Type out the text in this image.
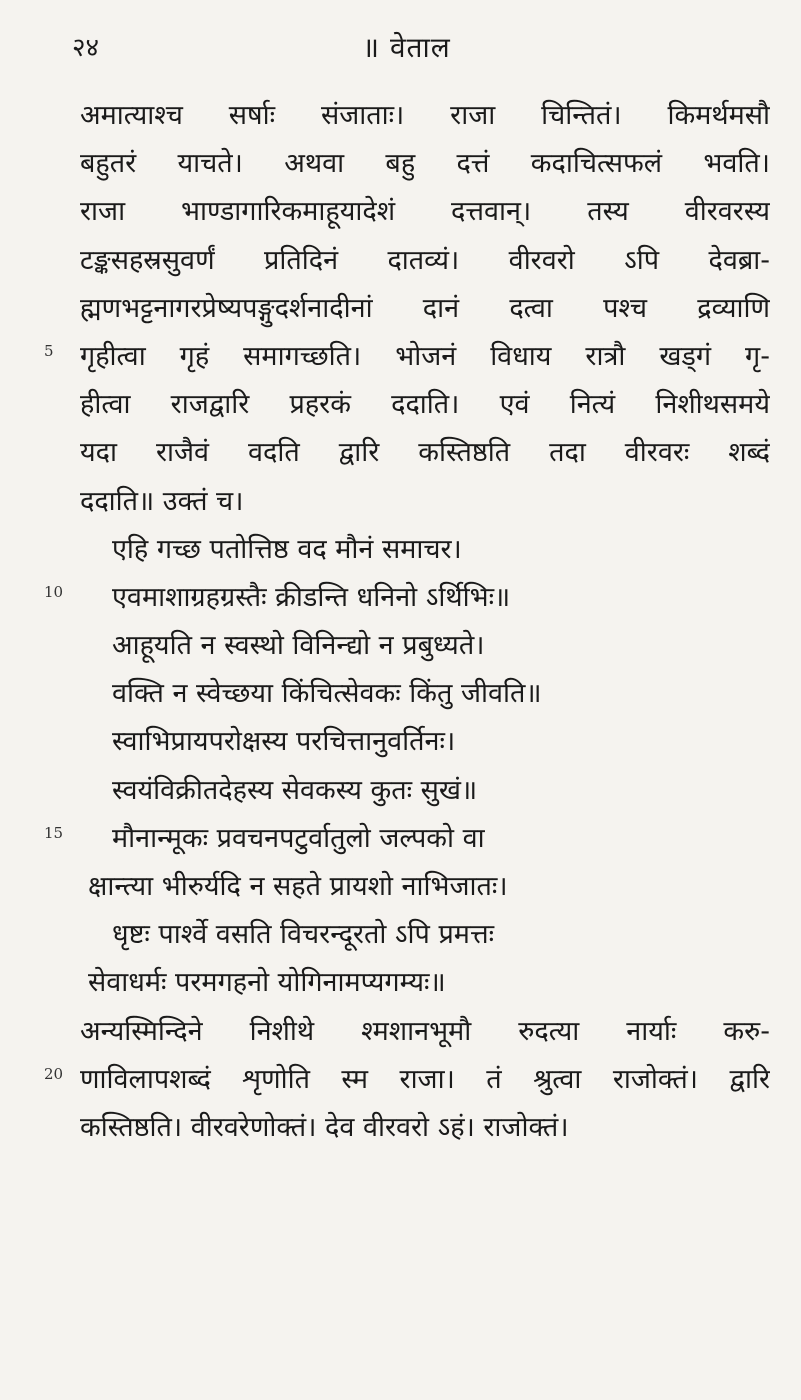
२४	॥ वेताल
अमात्याश्च सर्षाः संजाताः। राजा चिन्तितं। किमर्थमसौ
बहुतरं याचते। अथवा बहु दत्तं कदाचित्सफलं भवति।
राजा भाण्डागारिकमाहूयादेशं दत्तवान्। तस्य वीरवरस्य
टङ्कसहस्रसुवर्णं प्रतिदिनं दातव्यं। वीरवरो ऽपि देवब्रा-
ह्मणभट्टनागरप्रेष्यपङ्गुदर्शनादीनां दानं दत्वा पश्च द्रव्याणि
गृहीत्वा गृहं समागच्छति। भोजनं विधाय रात्रौ खड्गं गृ-
हीत्वा राजद्वारि प्रहरकं ददाति। एवं नित्यं निशीथसमये
यदा राजैवं वदति द्वारि कस्तिष्ठति तदा वीरवरः शब्दं
ददाति॥ उक्तं च।
एहि गच्छ पतोत्तिष्ठ वद मौनं समाचर।
एवमाशाग्रहग्रस्तैः क्रीडन्ति धनिनो ऽर्थिभिः॥
आहूयति न स्वस्थो विनिन्द्यो न प्रबुध्यते।
वक्ति न स्वेच्छया किंचित्सेवकः किंतु जीवति॥
स्वाभिप्रायपरोक्षस्य परचित्तानुवर्तिनः।
स्वयंविक्रीतदेहस्य सेवकस्य कुतः सुखं॥
मौनान्मूकः प्रवचनपटुर्वातुलो जल्पको वा
क्षान्त्या भीरुर्यदि न सहते प्रायशो नाभिजातः।
धृष्टः पार्श्वे वसति विचरन्दूरतो ऽपि प्रमत्तः
सेवाधर्मः परमगहनो योगिनामप्यगम्यः॥
अन्यस्मिन्दिने निशीथे श्मशानभूमौ रुदत्या नार्याः करु-
णाविलापशब्दं शृणोति स्म राजा। तं श्रुत्वा राजोक्तं। द्वारि
कस्तिष्ठति। वीरवरेणोक्तं। देव वीरवरो ऽहं। राजोक्तं।
5
10
15
20
